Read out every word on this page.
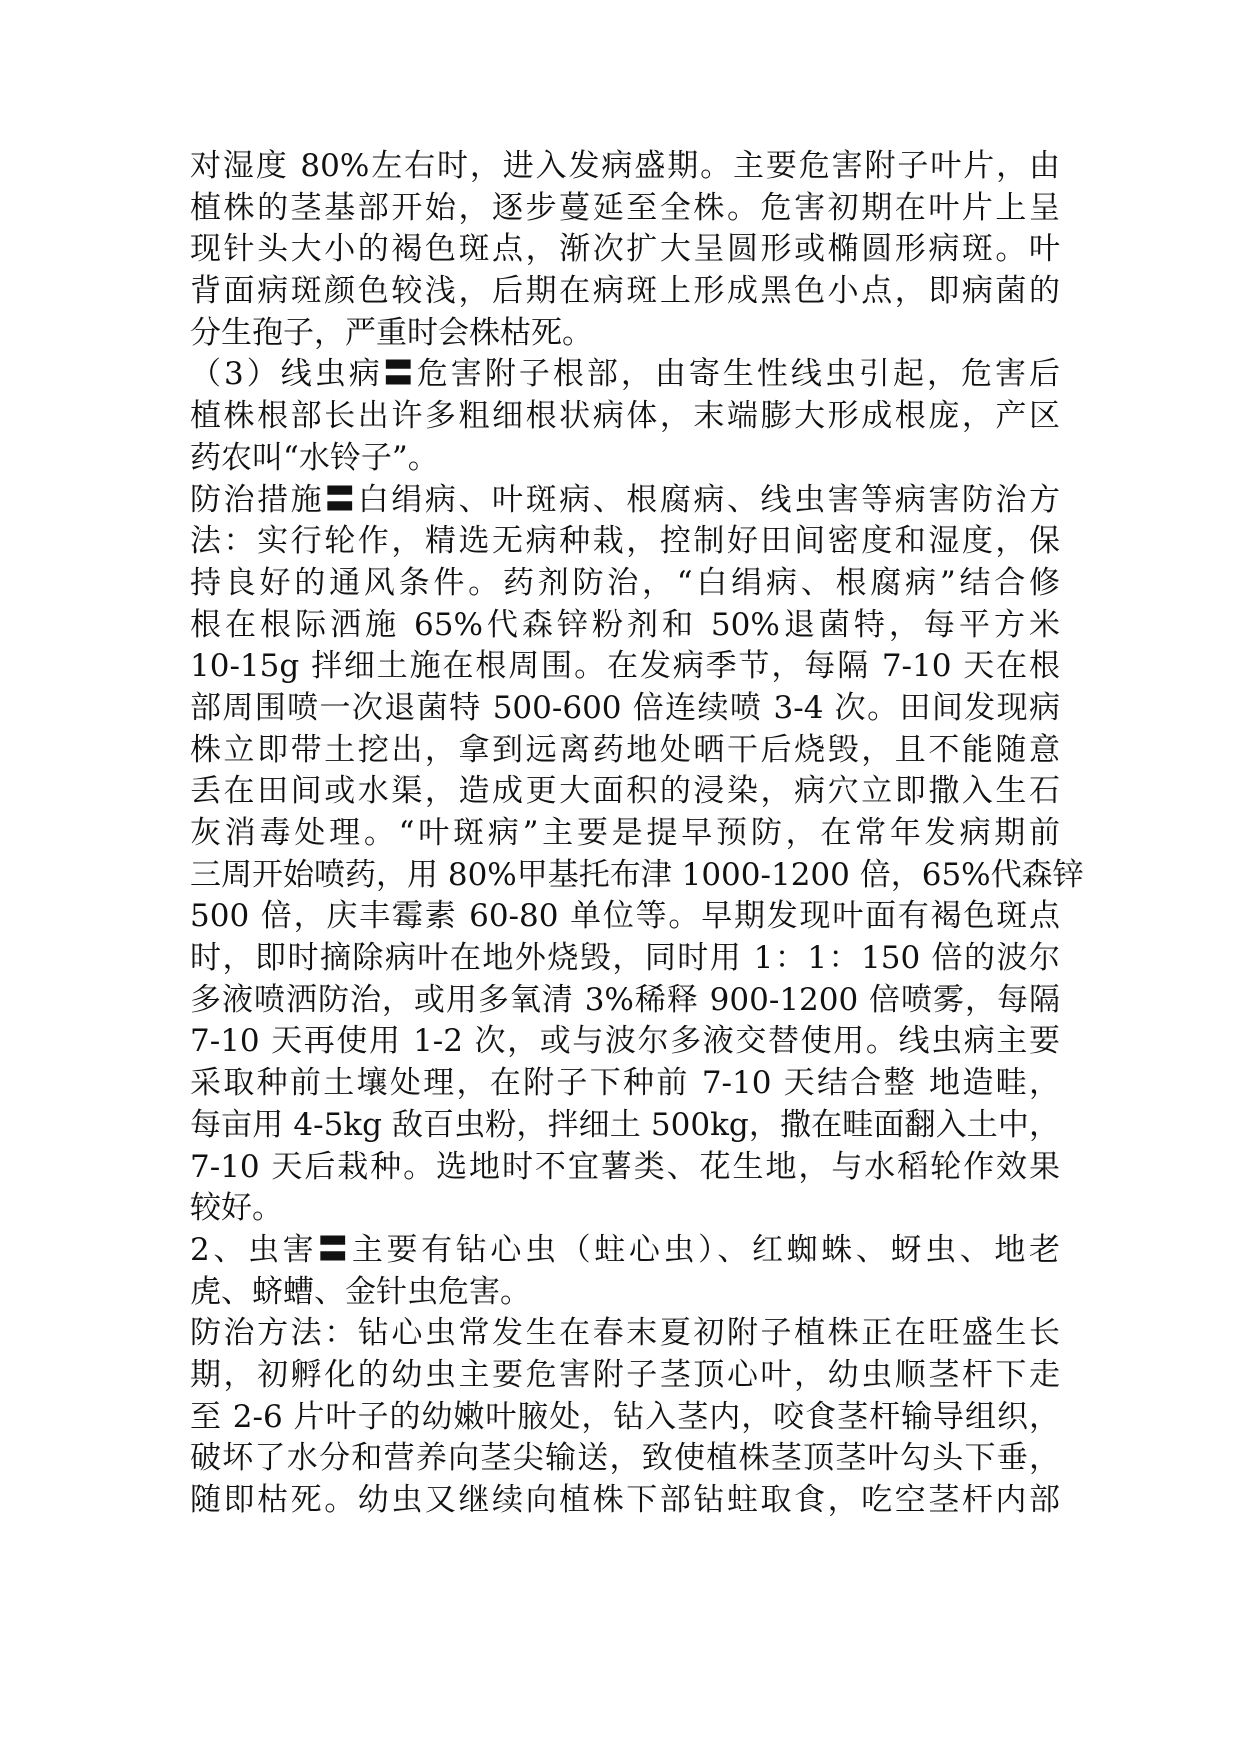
对湿度 80%左右时，进入发病盛期。主要危害附子叶片，由
植株的茎基部开始，逐步蔓延至全株。危害初期在叶片上呈
现针头大小的褐色斑点，渐次扩大呈圆形或椭圆形病斑。叶
背面病斑颜色较浅，后期在病斑上形成黑色小点，即病菌的
分生孢子，严重时会株枯死。
（3）线虫病〓危害附子根部，由寄生性线虫引起，危害后
植株根部长出许多粗细根状病体，末端膨大形成根庞，产区
药农叫“水铃子”。
防治措施〓白绢病、叶斑病、根腐病、线虫害等病害防治方
法：实行轮作，精选无病种栽，控制好田间密度和湿度，保
持良好的通风条件。药剂防治，“白绢病、根腐病”结合修
根在根际洒施 65%代森锌粉剂和 50%退菌特，每平方米
10-15g 拌细土施在根周围。在发病季节，每隔 7-10 天在根
部周围喷一次退菌特 500-600 倍连续喷 3-4 次。田间发现病
株立即带土挖出，拿到远离药地处晒干后烧毁，且不能随意
丢在田间或水渠，造成更大面积的浸染，病穴立即撒入生石
灰消毒处理。“叶斑病”主要是提早预防，在常年发病期前
三周开始喷药，用 80%甲基托布津 1000-1200 倍，65%代森锌
500 倍，庆丰霉素 60-80 单位等。早期发现叶面有褐色斑点
时，即时摘除病叶在地外烧毁，同时用 1：1：150 倍的波尔
多液喷洒防治，或用多氧清 3%稀释 900-1200 倍喷雾，每隔
7-10 天再使用 1-2 次，或与波尔多液交替使用。线虫病主要
采取种前土壤处理，在附子下种前 7-10 天结合整 地造畦，
每亩用 4-5kg 敌百虫粉，拌细土 500kg，撒在畦面翻入土中，
7-10 天后栽种。选地时不宜薯类、花生地，与水稻轮作效果
较好。
2、虫害〓主要有钻心虫（蛀心虫）、红蜘蛛、蚜虫、地老
虎、蛴螬、金针虫危害。
防治方法：钻心虫常发生在春末夏初附子植株正在旺盛生长
期，初孵化的幼虫主要危害附子茎顶心叶，幼虫顺茎杆下走
至 2-6 片叶子的幼嫩叶腋处，钻入茎内，咬食茎杆输导组织，
破坏了水分和营养向茎尖输送，致使植株茎顶茎叶勾头下垂，
随即枯死。幼虫又继续向植株下部钻蛀取食，吃空茎杆内部
